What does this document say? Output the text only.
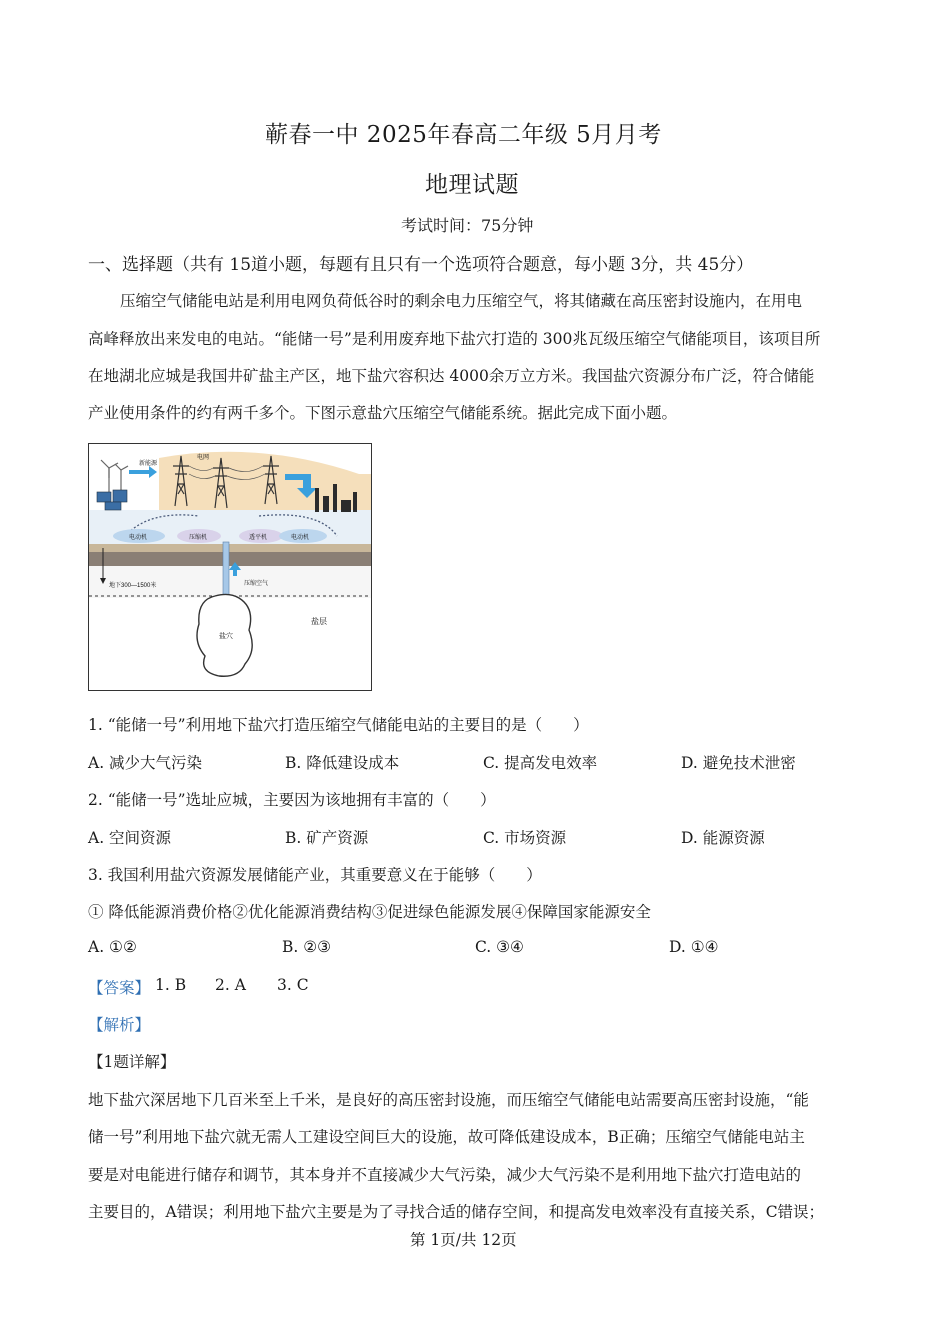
蕲春一中 2025年春高二年级 5月月考
地理试题
考试时间：75分钟
一、选择题（共有 15道小题，每题有且只有一个选项符合题意，每小题 3分，共 45分）
压缩空气储能电站是利用电网负荷低谷时的剩余电力压缩空气，将其储藏在高压密封设施内，在用电
高峰释放出来发电的电站。“能储一号”是利用废弃地下盐穴打造的 300兆瓦级压缩空气储能项目，该项目所
在地湖北应城是我国井矿盐主产区，地下盐穴容积达 4000余万立方米。我国盐穴资源分布广泛，符合储能
产业使用条件的约有两千多个。下图示意盐穴压缩空气储能系统。据此完成下面小题。
新能源
电网
电动机	压缩机	透平机	电动机
地下300—1500米	压缩空气
盐穴
盐层
1. “能储一号”利用地下盐穴打造压缩空气储能电站的主要目的是（　　）
A. 减少大气污染	B. 降低建设成本	C. 提高发电效率	D. 避免技术泄密
2. “能储一号”选址应城，主要因为该地拥有丰富的（　　）
A. 空间资源	B. 矿产资源	C. 市场资源	D. 能源资源
3. 我国利用盐穴资源发展储能产业，其重要意义在于能够（　　）
① 降低能源消费价格②优化能源消费结构③促进绿色能源发展④保障国家能源安全
A. ①②	B. ②③	C. ③④	D. ①④
【答案】 1. B 2. A 3. C
【解析】
【1题详解】
地下盐穴深居地下几百米至上千米，是良好的高压密封设施，而压缩空气储能电站需要高压密封设施，“能
储一号”利用地下盐穴就无需人工建设空间巨大的设施，故可降低建设成本，B正确；压缩空气储能电站主
要是对电能进行储存和调节，其本身并不直接减少大气污染，减少大气污染不是利用地下盐穴打造电站的
主要目的，A错误；利用地下盐穴主要是为了寻找合适的储存空间，和提高发电效率没有直接关系，C错误；
第 1页/共 12页
